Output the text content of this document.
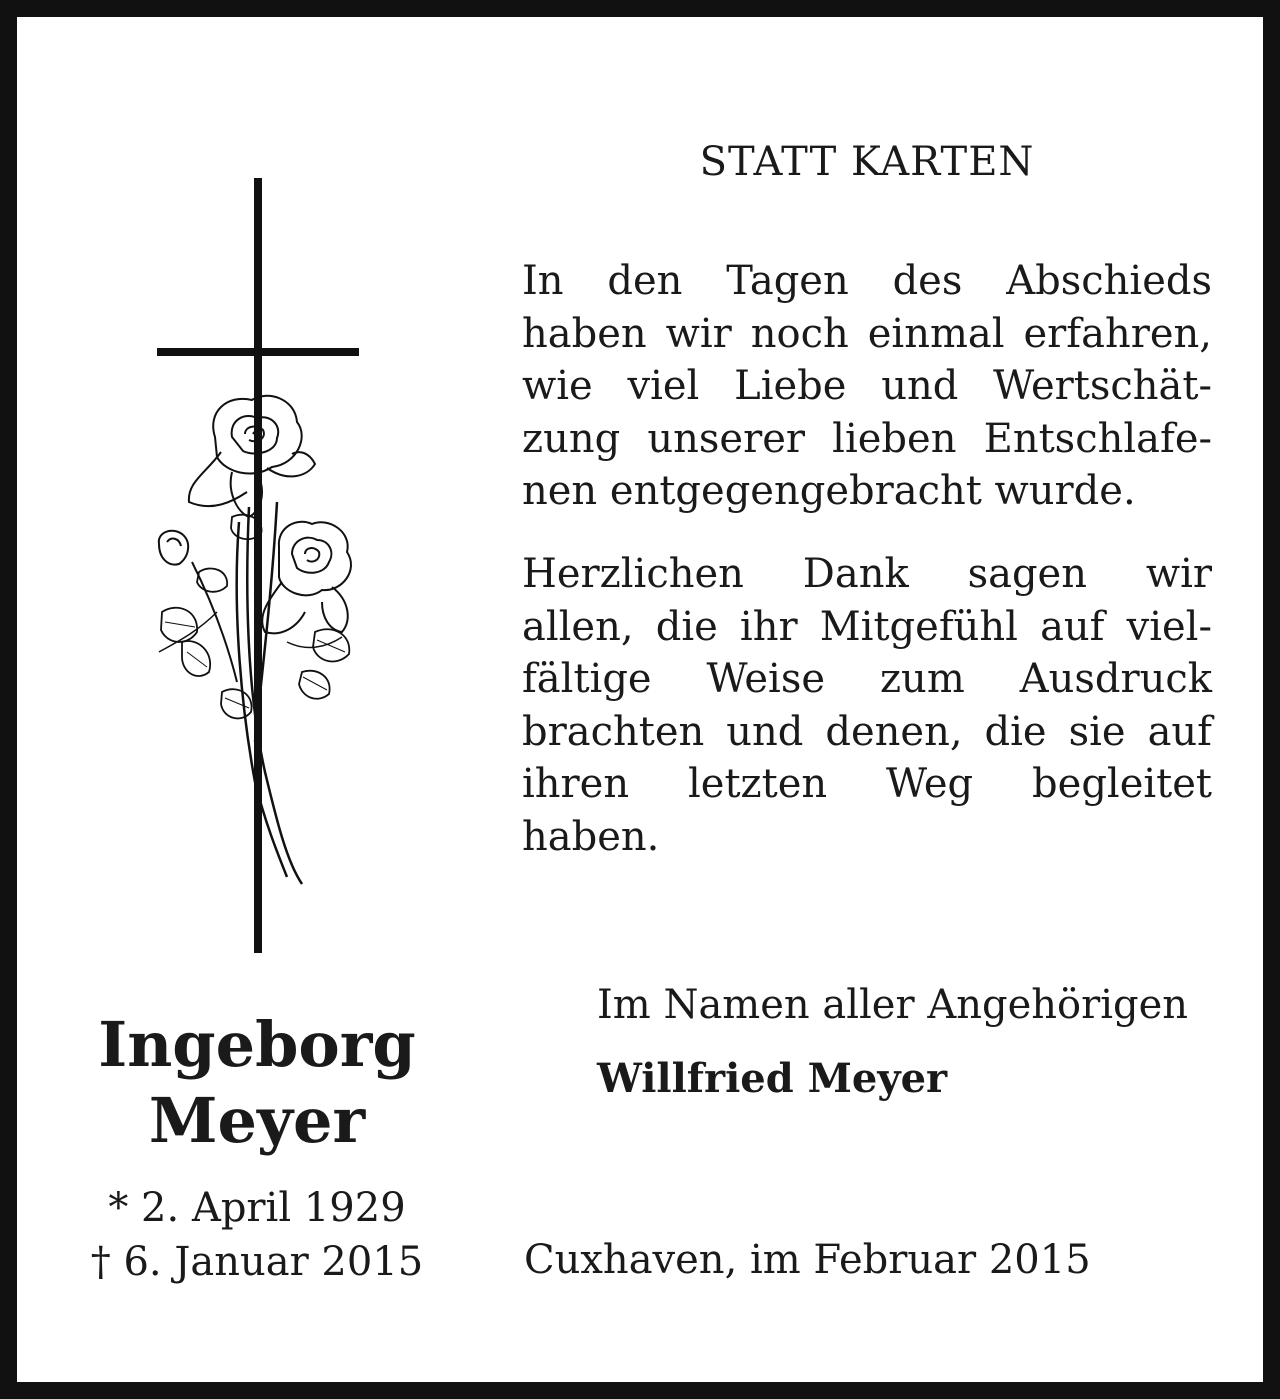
STATT KARTEN
In den Tagen des Abschieds
haben wir noch einmal erfahren,
wie viel Liebe und Wertschät-
zung unserer lieben Entschlafe-
nen entgegengebracht wurde.
Herzlichen Dank sagen wir
allen, die ihr Mitgefühl auf viel-
fältige Weise zum Ausdruck
brachten und denen, die sie auf
ihren letzten Weg begleitet
haben.
Im Namen aller Angehörigen
Willfried Meyer
Cuxhaven, im Februar 2015
Ingeborg
Meyer
* 2. April 1929
† 6. Januar 2015
